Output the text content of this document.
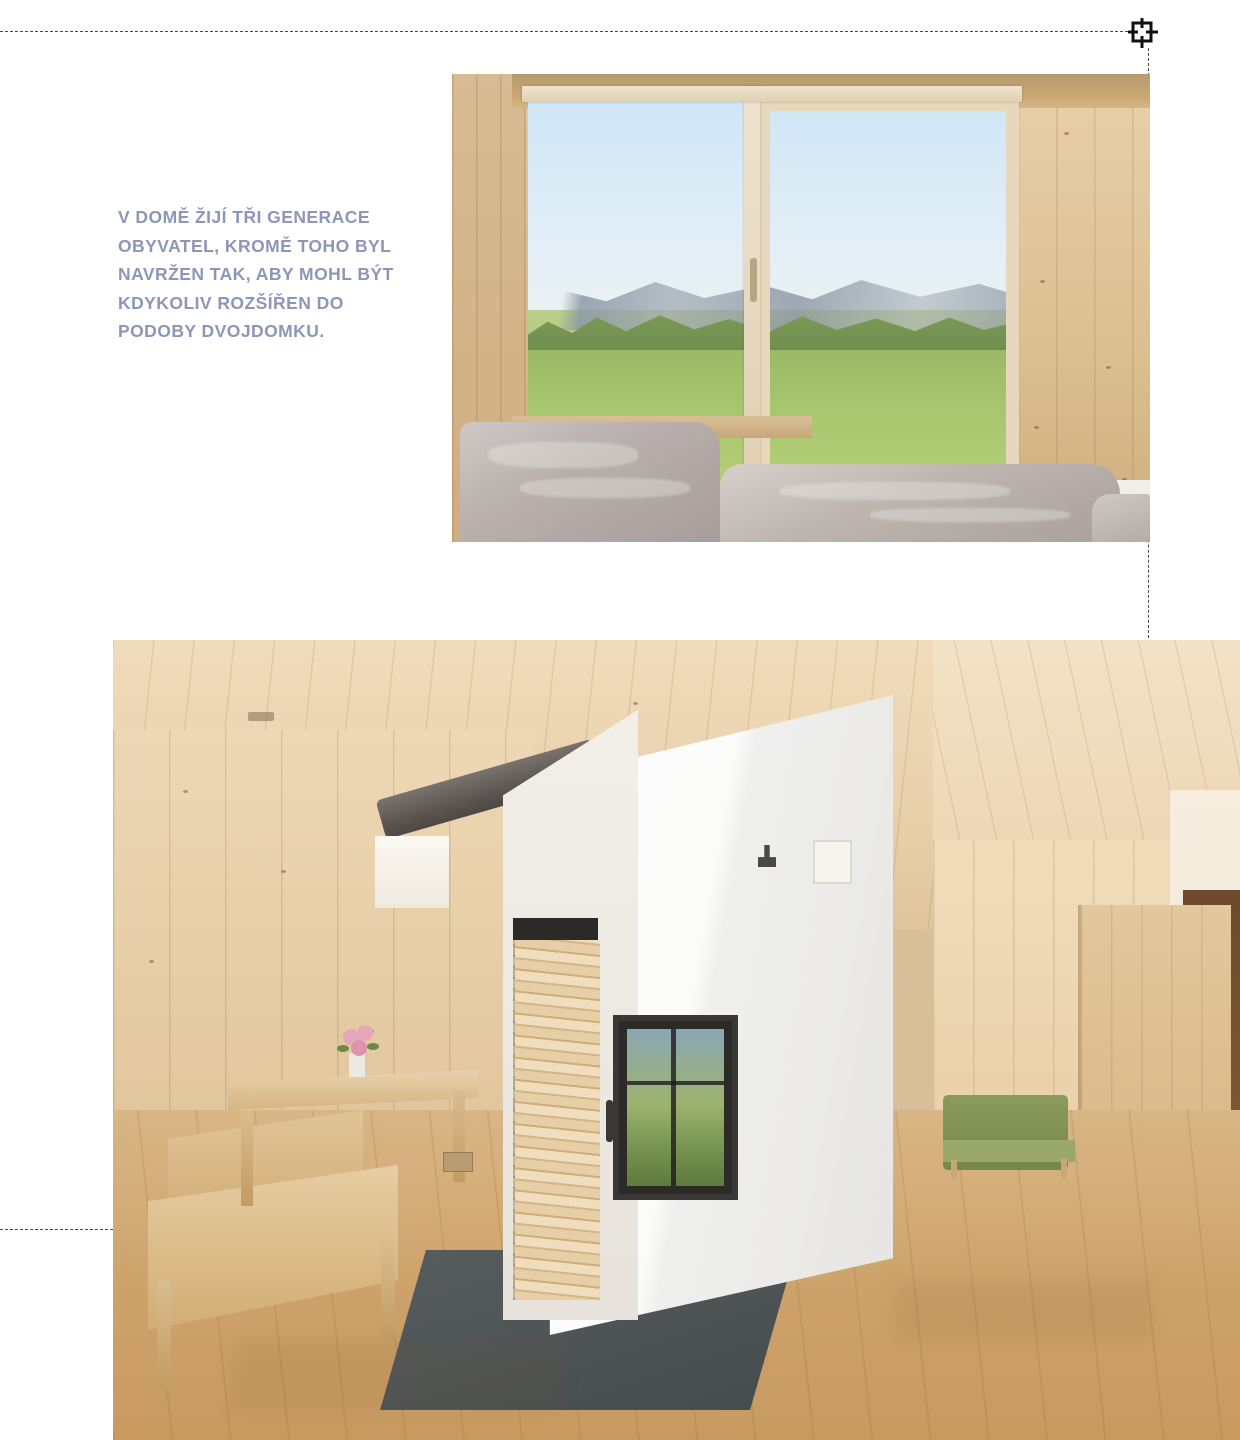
V DOMĚ ŽIJÍ TŘI GENERACE OBYVATEL, KROMĚ TOHO BYL NAVRŽEN TAK, ABY MOHL BÝT KDYKOLIV ROZŠÍŘEN DO PODOBY DVOJDOMKU.
